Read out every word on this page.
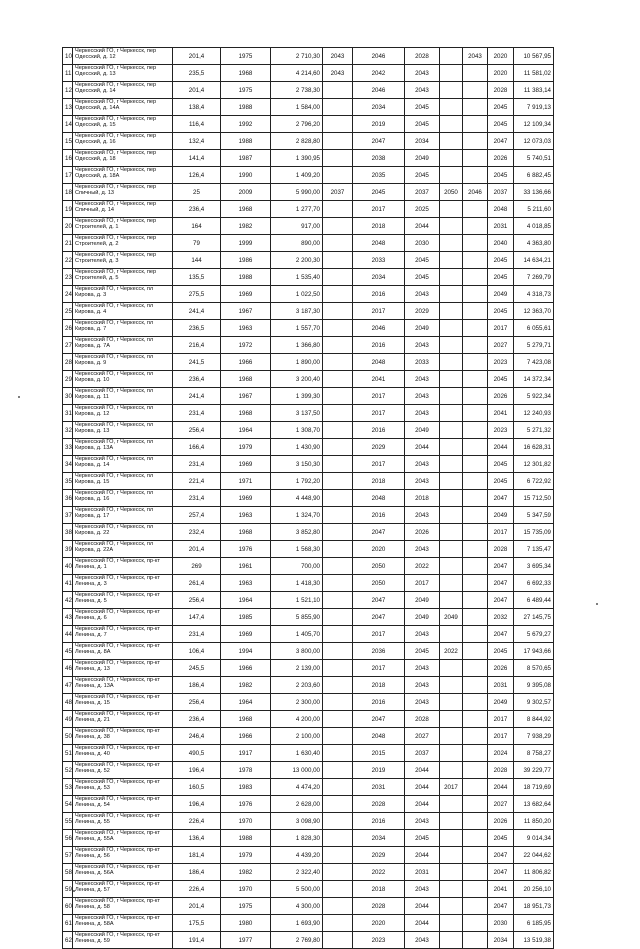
10	Черкесский ГО, г Черкесск, пер Одесский, д. 12	201,4	1975	2 710,30	2043	2046	2028		2043	2020	10 567,95
11	Черкесский ГО, г Черкесск, пер Одесский, д. 13	235,5	1968	4 214,60	2043	2042	2043			2020	11 581,02
12	Черкесский ГО, г Черкесск, пер Одесский, д. 14	201,4	1975	2 738,30		2046	2043			2028	11 383,14
13	Черкесский ГО, г Черкесск, пер Одесский, д. 14А	138,4	1988	1 584,00		2034	2045			2045	7 919,13
14	Черкесский ГО, г Черкесск, пер Одесский, д. 15	116,4	1992	2 796,20		2019	2045			2045	12 109,34
15	Черкесский ГО, г Черкесск, пер Одесский, д. 16	132,4	1988	2 828,80		2047	2034			2047	12 073,03
16	Черкесский ГО, г Черкесск, пер Одесский, д. 18	141,4	1987	1 390,95		2038	2049			2026	5 740,51
17	Черкесский ГО, г Черкесск, пер Одесский, д. 18А	126,4	1990	1 409,20		2035	2045			2045	6 882,45
18	Черкесский ГО, г Черкесск, пер Спичный, д. 13	25	2009	5 990,00	2037	2045	2037	2050	2046	2037	33 136,66
19	Черкесский ГО, г Черкесск, пер Спичный, д. 14	236,4	1968	1 277,70		2017	2025			2048	5 211,60
20	Черкесский ГО, г Черкесск, пер Строителей, д. 1	164	1982	917,00		2018	2044			2031	4 018,85
21	Черкесский ГО, г Черкесск, пер Строителей, д. 2	79	1999	890,00		2048	2030			2040	4 363,80
22	Черкесский ГО, г Черкесск, пер Строителей, д. 3	144	1986	2 200,30		2033	2045			2045	14 634,21
23	Черкесский ГО, г Черкесск, пер Строителей, д. 5	135,5	1988	1 535,40		2034	2045			2045	7 269,79
24	Черкесский ГО, г Черкесск, пл Кирова, д. 3	275,5	1969	1 022,50		2016	2043			2049	4 318,73
25	Черкесский ГО, г Черкесск, пл Кирова, д. 4	241,4	1967	3 187,30		2017	2029			2045	12 363,70
26	Черкесский ГО, г Черкесск, пл Кирова, д. 7	236,5	1963	1 557,70		2046	2049			2017	6 055,61
27	Черкесский ГО, г Черкесск, пл Кирова, д. 7А	216,4	1972	1 366,80		2016	2043			2027	5 279,71
28	Черкесский ГО, г Черкесск, пл Кирова, д. 9	241,5	1966	1 890,00		2048	2033			2023	7 423,08
29	Черкесский ГО, г Черкесск, пл Кирова, д. 10	236,4	1968	3 200,40		2041	2043			2045	14 372,34
30	Черкесский ГО, г Черкесск, пл Кирова, д. 11	241,4	1967	1 399,30		2017	2043			2026	5 922,34
31	Черкесский ГО, г Черкесск, пл Кирова, д. 12	231,4	1968	3 137,50		2017	2043			2041	12 240,93
32	Черкесский ГО, г Черкесск, пл Кирова, д. 13	256,4	1964	1 308,70		2016	2049			2023	5 271,32
33	Черкесский ГО, г Черкесск, пл Кирова, д. 13А	166,4	1979	1 430,90		2029	2044			2044	16 628,31
34	Черкесский ГО, г Черкесск, пл Кирова, д. 14	231,4	1969	3 150,30		2017	2043			2045	12 301,82
35	Черкесский ГО, г Черкесск, пл Кирова, д. 15	221,4	1971	1 792,20		2018	2043			2045	6 722,92
36	Черкесский ГО, г Черкесск, пл Кирова, д. 16	231,4	1969	4 448,90		2048	2018			2047	15 712,50
37	Черкесский ГО, г Черкесск, пл Кирова, д. 17	257,4	1963	1 324,70		2016	2043			2049	5 347,59
38	Черкесский ГО, г Черкесск, пл Кирова, д. 22	232,4	1968	3 852,80		2047	2026			2017	15 735,09
39	Черкесский ГО, г Черкесск, пл Кирова, д. 22А	201,4	1976	1 568,30		2020	2043			2028	7 135,47
40	Черкесский ГО, г Черкесск, пр-кт Ленина, д. 1	269	1961	700,00		2050	2022			2047	3 695,34
41	Черкесский ГО, г Черкесск, пр-кт Ленина, д. 3	261,4	1963	1 418,30		2050	2017			2047	6 692,33
42	Черкесский ГО, г Черкесск, пр-кт Ленина, д. 5	256,4	1964	1 521,10		2047	2049			2047	6 489,44
43	Черкесский ГО, г Черкесск, пр-кт Ленина, д. 6	147,4	1985	5 855,90		2047	2049	2049		2032	27 145,75
44	Черкесский ГО, г Черкесск, пр-кт Ленина, д. 7	231,4	1969	1 405,70		2017	2043			2047	5 679,27
45	Черкесский ГО, г Черкесск, пр-кт Ленина, д. 8А	106,4	1994	3 800,00		2036	2045	2022		2045	17 943,66
46	Черкесский ГО, г Черкесск, пр-кт Ленина, д. 13	245,5	1966	2 139,00		2017	2043			2026	8 570,65
47	Черкесский ГО, г Черкесск, пр-кт Ленина, д. 13А	186,4	1982	2 203,60		2018	2043			2031	9 395,08
48	Черкесский ГО, г Черкесск, пр-кт Ленина, д. 15	256,4	1964	2 300,00		2016	2043			2049	9 302,57
49	Черкесский ГО, г Черкесск, пр-кт Ленина, д. 21	236,4	1968	4 200,00		2047	2028			2017	8 844,92
50	Черкесский ГО, г Черкесск, пр-кт Ленина, д. 38	246,4	1966	2 100,00		2048	2027			2017	7 938,29
51	Черкесский ГО, г Черкесск, пр-кт Ленина, д. 40	490,5	1917	1 630,40		2015	2037			2024	8 758,27
52	Черкесский ГО, г Черкесск, пр-кт Ленина, д. 52	196,4	1978	13 000,00		2019	2044			2028	39 229,77
53	Черкесский ГО, г Черкесск, пр-кт Ленина, д. 53	160,5	1983	4 474,20		2031	2044	2017		2044	18 719,69
54	Черкесский ГО, г Черкесск, пр-кт Ленина, д. 54	196,4	1976	2 628,00		2028	2044			2027	13 682,64
55	Черкесский ГО, г Черкесск, пр-кт Ленина, д. 55	226,4	1970	3 098,90		2016	2043			2026	11 850,20
56	Черкесский ГО, г Черкесск, пр-кт Ленина, д. 55А	136,4	1988	1 828,30		2034	2045			2045	9 014,34
57	Черкесский ГО, г Черкесск, пр-кт Ленина, д. 56	181,4	1979	4 439,20		2029	2044			2047	22 044,62
58	Черкесский ГО, г Черкесск, пр-кт Ленина, д. 56А	186,4	1982	2 322,40		2022	2031			2047	11 806,82
59	Черкесский ГО, г Черкесск, пр-кт Ленина, д. 57	226,4	1970	5 500,00		2018	2043			2041	20 256,10
60	Черкесский ГО, г Черкесск, пр-кт Ленина, д. 58	201,4	1975	4 300,00		2028	2044			2047	18 951,73
61	Черкесский ГО, г Черкесск, пр-кт Ленина, д. 58А	175,5	1980	1 693,90		2020	2044			2030	6 185,95
62	Черкесский ГО, г Черкесск, пр-кт Ленина, д. 59	191,4	1977	2 769,80		2023	2043			2034	13 519,38
